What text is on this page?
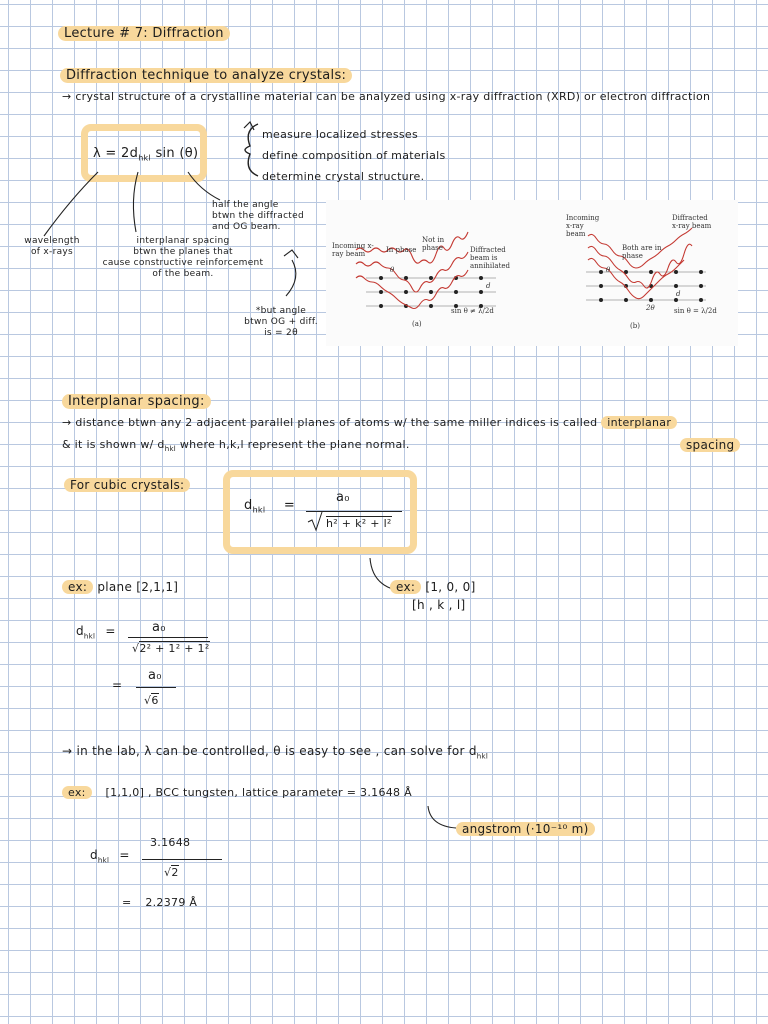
Lecture # 7: Diffraction
Diffraction technique to analyze crystals:
→ crystal structure of a crystalline material can be analyzed using x-ray diffraction (XRD) or electron diffraction
$\lambda = 2d_{hkl}$ sin (θ)
measure localized stresses
define composition of materials
determine crystal structure.
half the angle
btwn the diffracted
and OG beam.
wavelength
of x-rays
interplanar spacing
btwn the planes that
cause constructive reinforcement
of the beam.
*but angle
btwn OG + diff.
is = 2θ
Incoming x-ray beam	In phase
Not in phase	Diffracted beam is annihilated
sin θ ≠ λ/2d
(a)
d
θ
Incoming x-ray beam
Both are in phase
Diffracted x-ray beam
sin θ = λ/2d
(b)
d
2θ
θ
Interplanar spacing:
→ distance btwn any 2 adjacent parallel planes of atoms w/ the same miller indices is called interplanar
& it is shown w/ $d_{hkl}$ where h,k,l represent the plane normal.	spacing
For cubic crystals:
$d_{hkl}$ =
a₀
h² + k² + l²
ex: [1, 0, 0]
[h , k , l]
ex: plane [2,1,1]
$d_{hkl}$ =	a₀
√2² + 1² + 1²
=
a₀
√6
→ in the lab, λ can be controlled, θ is easy to see , can solve for $d_{hkl}$
ex: [1,1,0] , BCC tungsten, lattice parameter = 3.1648 Å
angstrom (·10⁻¹⁰ m)
$d_{hkl}$ =
3.1648
√2
= 2.2379 Å
